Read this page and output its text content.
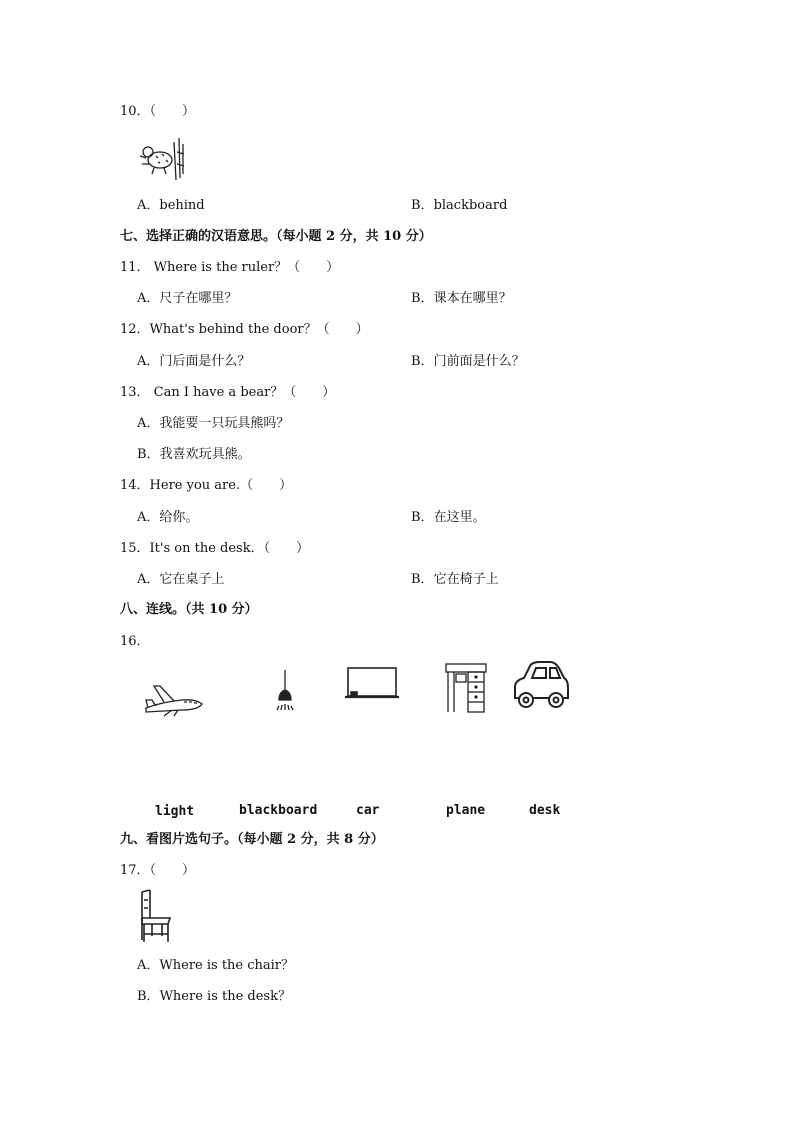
10．（　　）
A．behind	B．blackboard
七、选择正确的汉语意思。（每小题 2 分，共 10 分）
11． Where is the ruler？（　　）
A．尺子在哪里？	B．课本在哪里？
12．What's behind the door？（　　）
A．门后面是什么？	B．门前面是什么？
13． Can I have a bear？（　　）
A．我能要一只玩具熊吗？
B．我喜欢玩具熊。
14．Here you are.（　　）
A．给你。	B．在这里。
15．It's on the desk．（　　）
A．它在桌子上	B．它在椅子上
八、连线。（共 10 分）
16．
light	blackboard	car	plane	desk
九、看图片选句子。（每小题 2 分，共 8 分）
17．（　　）
A．Where is the chair？
B．Where is the desk？
